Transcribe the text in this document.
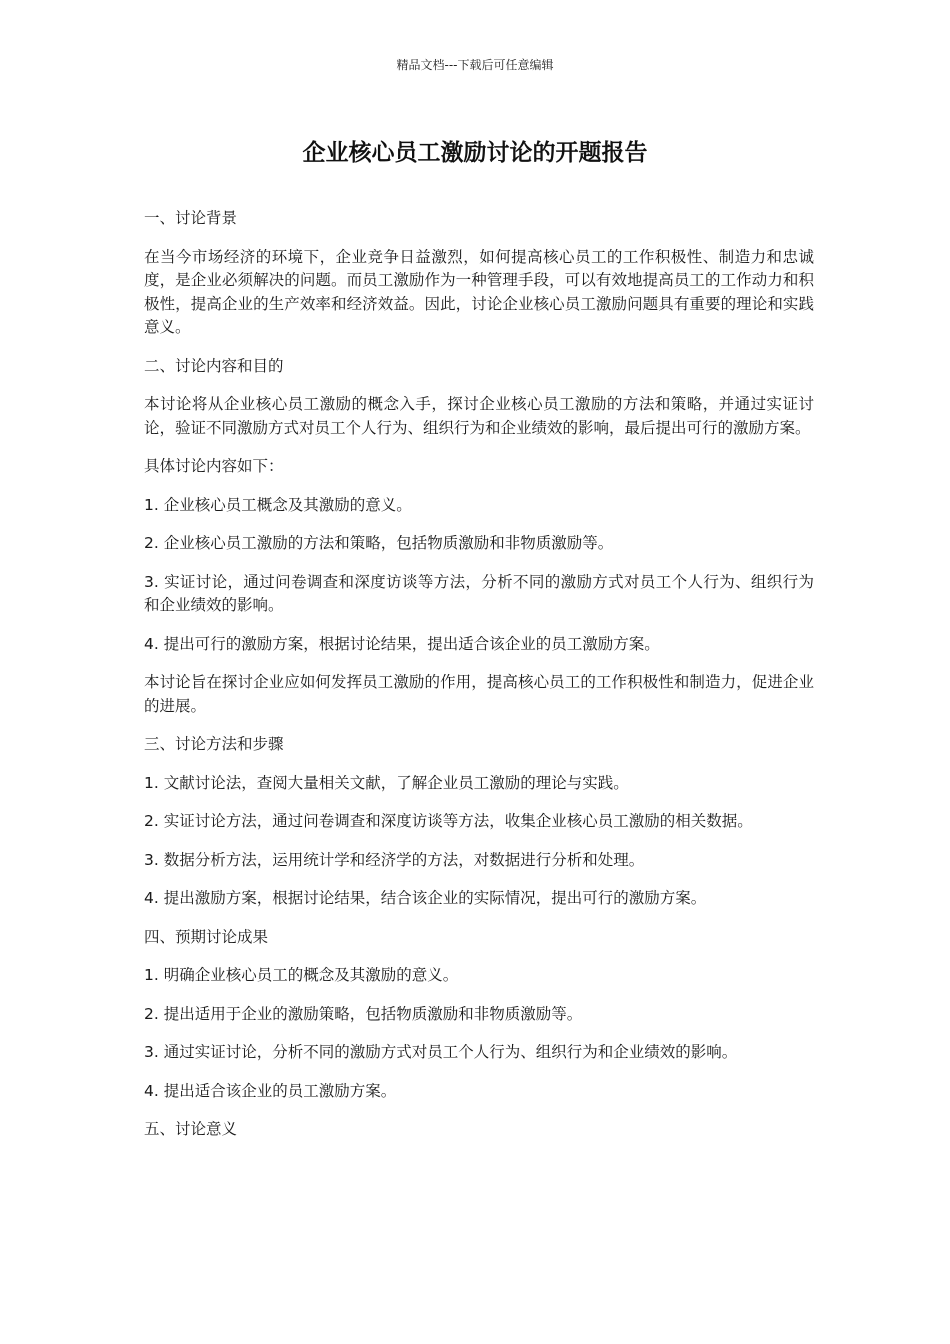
精品文档---下载后可任意编辑
企业核心员工激励讨论的开题报告

一、讨论背景

在当今市场经济的环境下，企业竞争日益激烈，如何提高核心员工的工作积极性、制造力和忠诚度，是企业必须解决的问题。而员工激励作为一种管理手段，可以有效地提高员工的工作动力和积极性，提高企业的生产效率和经济效益。因此，讨论企业核心员工激励问题具有重要的理论和实践意义。

二、讨论内容和目的

本讨论将从企业核心员工激励的概念入手，探讨企业核心员工激励的方法和策略，并通过实证讨论，验证不同激励方式对员工个人行为、组织行为和企业绩效的影响，最后提出可行的激励方案。

具体讨论内容如下：

1. 企业核心员工概念及其激励的意义。

2. 企业核心员工激励的方法和策略，包括物质激励和非物质激励等。

3. 实证讨论，通过问卷调查和深度访谈等方法，分析不同的激励方式对员工个人行为、组织行为和企业绩效的影响。

4. 提出可行的激励方案，根据讨论结果，提出适合该企业的员工激励方案。

本讨论旨在探讨企业应如何发挥员工激励的作用，提高核心员工的工作积极性和制造力，促进企业的进展。

三、讨论方法和步骤

1. 文献讨论法，查阅大量相关文献，了解企业员工激励的理论与实践。

2. 实证讨论方法，通过问卷调查和深度访谈等方法，收集企业核心员工激励的相关数据。

3. 数据分析方法，运用统计学和经济学的方法，对数据进行分析和处理。

4. 提出激励方案，根据讨论结果，结合该企业的实际情况，提出可行的激励方案。

四、预期讨论成果

1. 明确企业核心员工的概念及其激励的意义。

2. 提出适用于企业的激励策略，包括物质激励和非物质激励等。

3. 通过实证讨论，分析不同的激励方式对员工个人行为、组织行为和企业绩效的影响。

4. 提出适合该企业的员工激励方案。

五、讨论意义
